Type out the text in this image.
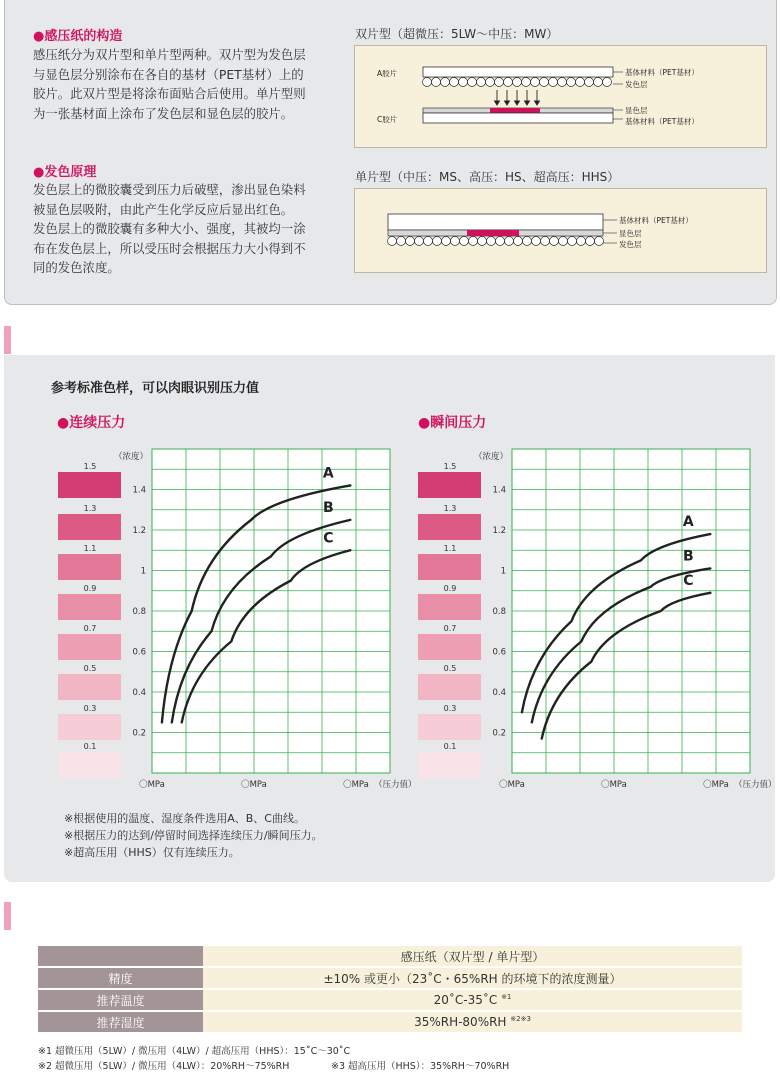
●感压纸的构造
感压纸分为双片型和单片型两种。双片型为发色层
与显色层分别涂布在各自的基材（PET基材）上的
胶片。此双片型是将涂布面贴合后使用。单片型则
为一张基材面上涂布了发色层和显色层的胶片。
●发色原理
发色层上的微胶囊受到压力后破壁，渗出显色染料
被显色层吸附，由此产生化学反应后显出红色。
发色层上的微胶囊有多种大小、强度，其被均一涂
布在发色层上，所以受压时会根据压力大小得到不
同的发色浓度。
双片型（超微压：5LW〜中压：MW）
A胶片
C胶片
基体材料（PET基材）
发色层
显色层
基体材料（PET基材）
单片型（中压：MS、高压：HS、超高压：HHS）
基体材料（PET基材）
显色层
发色层
参考标准色样，可以肉眼识别压力值
●连续压力	●瞬间压力
1.5
1.3
1.1
0.9
0.7
0.5
0.3
0.1
（浓度）
1.4
1.2
1
0.8
0.6
0.4
0.2
〇MPa	〇MPa	〇MPa （压力值）
A
B
C
1.5
1.3
1.1
0.9
0.7
0.5
0.3
0.1
（浓度）
1.4
1.2
1
0.8
0.6
0.4
0.2
〇MPa	〇MPa	〇MPa （压力值）
A
B
C
※根据使用的温度、湿度条件选用A、B、C曲线。
※根据压力的达到/停留时间选择连续压力/瞬间压力。
※超高压用（HHS）仅有连续压力。
	感压纸（双片型 / 单片型）
精度	±10% 或更小（23˚C・65%RH 的环境下的浓度测量）
推荐温度	20˚C-35˚C $^{※1}$
推荐湿度	35%RH-80%RH $^{※2※3}$
※1 超微压用（5LW）/ 微压用（4LW）/ 超高压用（HHS）：15˚C〜30˚C
※2 超微压用（5LW）/ 微压用（4LW）：20%RH〜75%RH	※3 超高压用（HHS）：35%RH〜70%RH
